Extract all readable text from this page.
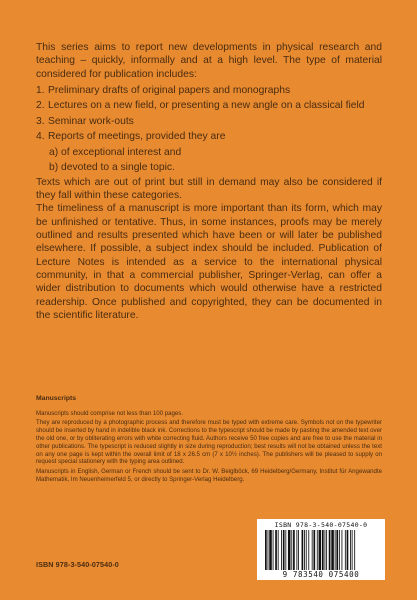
This series aims to report new developments in physical research and teaching – quickly, informally and at a high level. The type of material considered for publication includes:

1. Preliminary drafts of original papers and monographs
2. Lectures on a new field, or presenting a new angle on a classical field
3. Seminar work-outs
4. Reports of meetings, provided they are
a) of exceptional interest and
b) devoted to a single topic.

Texts which are out of print but still in demand may also be considered if they fall within these categories.

The timeliness of a manuscript is more important than its form, which may be unfinished or tentative. Thus, in some instances, proofs may be merely outlined and results presented which have been or will later be published elsewhere. If possible, a subject index should be included. Publication of Lecture Notes is intended as a service to the international physical community, in that a commercial publisher, Springer-Verlag, can offer a wider distribution to documents which would otherwise have a restricted readership. Once published and copyrighted, they can be documented in the scientific literature.

Manuscripts

Manuscripts should comprise not less than 100 pages.

They are reproduced by a photographic process and therefore must be typed with extreme care. Symbols not on the typewriter should be inserted by hand in indelible black ink. Corrections to the typescript should be made by pasting the amended text over the old one, or by obliterating errors with white correcting fluid. Authors receive 50 free copies and are free to use the material in other publications. The typescript is reduced slightly in size during reproduction; best results will not be obtained unless the text on any one page is kept within the overall limit of 18 x 26.5 cm (7 x 10½ inches). The publishers will be pleased to supply on request special stationery with the typing area outlined.

Manuscripts in English, German or French should be sent to Dr. W. Beiglböck, 69 Heidelberg/Germany, Institut für Angewandte Mathematik, Im Neuenheimerfeld 5, or directly to Springer-Verlag Heidelberg.

ISBN 978-3-540-07540-0
ISBN 978-3-540-07540-0
9 783540 075400
